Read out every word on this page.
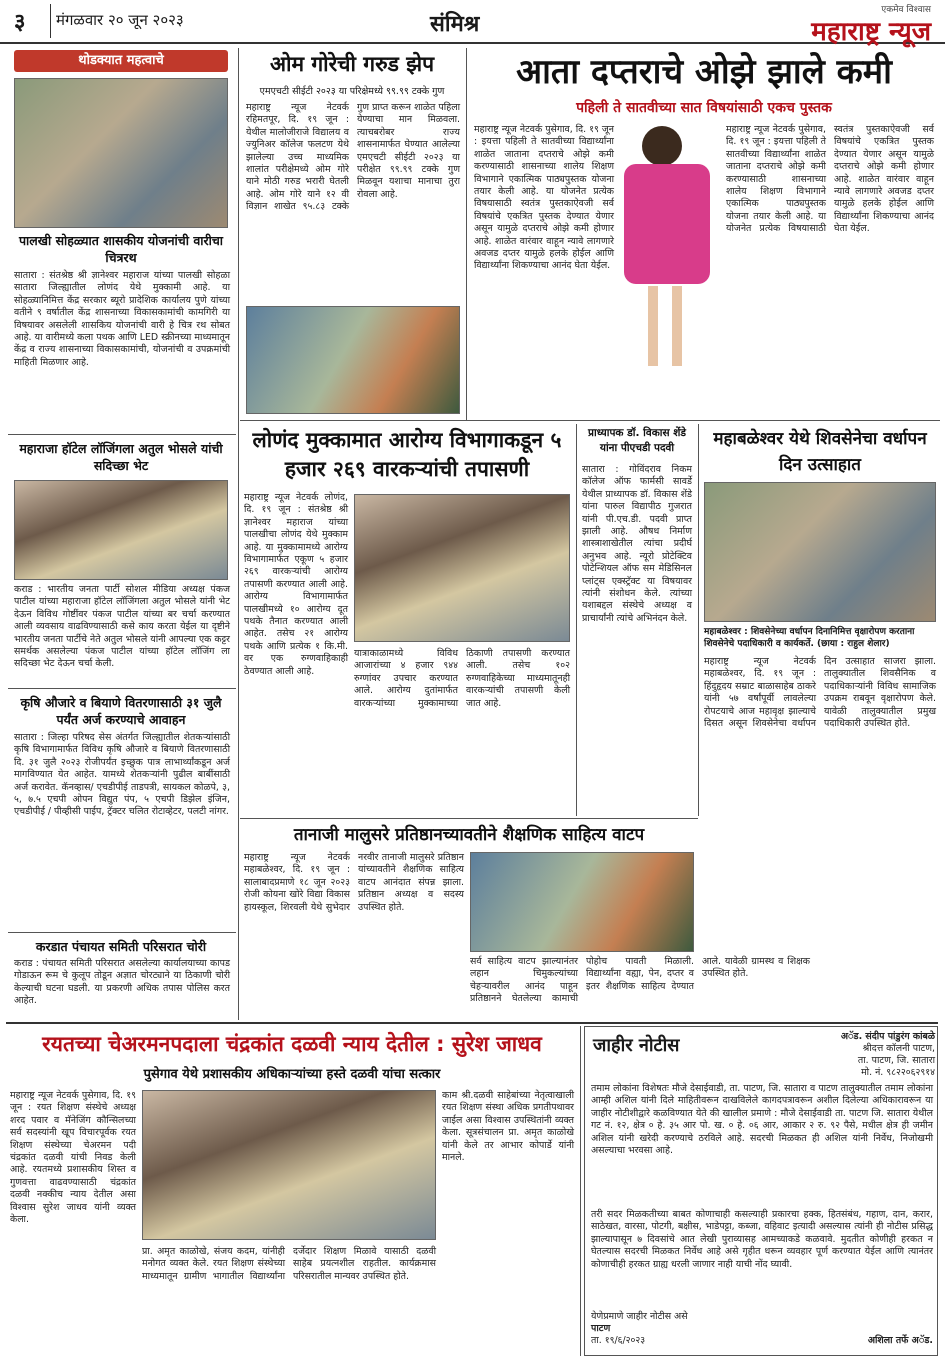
३ मंगळवार २० जून २०२३	संमिश्र
एकमेव विश्वास
महाराष्ट्र न्यूज
थोडक्यात महत्वाचे
पालखी सोहळ्यात शासकीय योजनांची वारीचा चित्ररथ
सातारा : संतश्रेष्ठ श्री ज्ञानेश्वर महाराज यांच्या पालखी सोहळा सातारा जिल्ह्यातील लोणंद येथे मुक्कामी आहे. या सोहळ्यानिमित्त केंद्र सरकार ब्यूरो प्रादेशिक कार्यालय पुणे यांच्या वतीने ९ वर्षातील केंद्र शासनाच्या विकासकामांची कामगिरी या विषयावर असलेली शासकिय योजनांची वारी हे चित्र रथ सोबत आहे. या वारीमध्ये कला पथक आणि LED स्क्रीनच्या माध्यमातून केंद्र व राज्य शासनाच्या विकासकामांची, योजनांची व उपक्रमांची माहिती मिळणार आहे.
महाराजा हॉटेल लॉजिंगला अतुल भोसले यांची सदिच्छा भेट
कराड : भारतीय जनता पार्टी सोशल मीडिया अध्यक्ष पंकज पाटील यांच्या महाराजा हॉटेल लॉजिंगला अतुल भोसले यांनी भेट देऊन विविध गोष्टींवर पंकज पाटील यांच्या बर चर्चा करण्यात आली व्यवसाय वाढविण्यासाठी कसे काय करता येईल या दृष्टीने भारतीय जनता पार्टीचे नेते अतुल भोसले यांनी आपल्या एक कट्टर समर्थक असलेल्या पंकज पाटील यांच्या हॉटेल लॉजिंग ला सदिच्छा भेट देऊन चर्चा केली.
कृषि औजारे व बियाणे वितरणासाठी ३१ जुलै पर्यंत अर्ज करण्याचे आवाहन
सातारा : जिल्हा परिषद सेस अंतर्गत जिल्ह्यातील शेतकऱ्यांसाठी कृषि विभागामार्फत विविध कृषि औजारे व बियाणे वितरणासाठी दि. ३१ जुलै २०२३ रोजीपर्यंत इच्छुक पात्र लाभार्थ्यांकडून अर्ज मागविण्यात येत आहेत. यामध्ये शेतकऱ्यांनी पुढील बाबींसाठी अर्ज करावेत. कॅनव्हास/ एचडीपीई ताडपत्री, सायकल कोळपे, ३, ५, ७.५ एचपी ओपन विद्युत पंप, ५ एचपी डिझेल इंजिन, एचडीपीई / पीव्हीसी पाईप, ट्रॅक्टर चलित रोटाव्हेटर, पलटी नांगर.
करडात पंचायत समिती परिसरात चोरी
कराड : पंचायत समिती परिसरात असलेल्या कार्यालयाच्या कापड गोडाऊन रूम चे कुलूप तोडून अज्ञात चोरट्याने या ठिकाणी चोरी केल्याची घटना घडली. या प्रकरणी अधिक तपास पोलिस करत आहेत.
ओम गोरेची गरुड झेप
एमएचटी सीईटी २०२३ या परिक्षेमध्ये ९९.९९ टक्के गुण
महाराष्ट्र न्यूज नेटवर्क रहिमतपूर, दि. १९ जून : येथील मालोजीराजे विद्यालय व ज्युनिअर कॉलेज फलटण येथे झालेल्या उच्च माध्यमिक शालांत परीक्षेमध्ये ओम गोरे याने मोठी गरुड भरारी घेतली आहे. ओम गोरे याने १२ वी विज्ञान शाखेत ९५.८३ टक्के गुण प्राप्त करून शाळेत पहिला येण्याचा मान मिळवला. त्याचबरोबर राज्य शासनामार्फत घेण्यात आलेल्या एमएचटी सीईटी २०२३ या परीक्षेत ९९.९९ टक्के गुण मिळवून यशाचा मानाचा तुरा रोवला आहे.
आता दप्तराचे ओझे झाले कमी
पहिली ते सातवीच्या सात विषयांसाठी एकच पुस्तक
महाराष्ट्र न्यूज नेटवर्क पुसेगाव, दि. १९ जून : इयत्ता पहिली ते सातवीच्या विद्यार्थ्यांना शाळेत जाताना दप्तराचे ओझे कमी करण्यासाठी शासनाच्या शालेय शिक्षण विभागाने एकात्मिक पाठ्यपुस्तक योजना तयार केली आहे. या योजनेत प्रत्येक विषयासाठी स्वतंत्र पुस्तकाऐवजी सर्व विषयांचे एकत्रित पुस्तक देण्यात येणार असून यामुळे दप्तराचे ओझे कमी होणार आहे. शाळेत वारंवार वाहून न्यावे लागणारे अवजड दप्तर यामुळे हलके होईल आणि विद्यार्थ्यांना शिकण्याचा आनंद घेता येईल.
महाराष्ट्र न्यूज नेटवर्क पुसेगाव, दि. १९ जून : इयत्ता पहिली ते सातवीच्या विद्यार्थ्यांना शाळेत जाताना दप्तराचे ओझे कमी करण्यासाठी शासनाच्या शालेय शिक्षण विभागाने एकात्मिक पाठ्यपुस्तक योजना तयार केली आहे. या योजनेत प्रत्येक विषयासाठी स्वतंत्र पुस्तकाऐवजी सर्व विषयांचे एकत्रित पुस्तक देण्यात येणार असून यामुळे दप्तराचे ओझे कमी होणार आहे. शाळेत वारंवार वाहून न्यावे लागणारे अवजड दप्तर यामुळे हलके होईल आणि विद्यार्थ्यांना शिकण्याचा आनंद घेता येईल.
लोणंद मुक्कामात आरोग्य विभागाकडून ५ हजार २६९ वारकऱ्यांची तपासणी
महाराष्ट्र न्यूज नेटवर्क लोणंद, दि. १९ जून : संतश्रेष्ठ श्री ज्ञानेश्वर महाराज यांच्या पालखीचा लोणंद येथे मुक्काम आहे. या मुक्कामामध्ये आरोग्य विभागामार्फत एकूण ५ हजार २६९ वारकऱ्यांची आरोग्य तपासणी करण्यात आली आहे. आरोग्य विभागामार्फत पालखीमध्ये १० आरोग्य दूत पथके तैनात करण्यात आली आहेत. तसेच २१ आरोग्य पथके आणि प्रत्येक १ कि.मी. वर एक रुग्णवाहिकाही ठेवण्यात आली आहे.
यात्राकाळामध्ये विविध आजारांच्या ४ हजार ९४४ रुग्णांवर उपचार करण्यात आले. आरोग्य दुतांमार्फत वारकऱ्यांच्या मुक्कामाच्या ठिकाणी तपासणी करण्यात आली. तसेच १०२ रुग्णवाहिकेच्या माध्यमातूनही वारकऱ्यांची तपासणी केली जात आहे.
प्राध्यापक डॉ. विकास शेंडे यांना पीएचडी पदवी
सातारा : गोविंदराव निकम कॉलेज ऑफ फार्मसी सावर्डे येथील प्राध्यापक डॉ. विकास शेंडे यांना पारुल विद्यापीठ गुजरात यांनी पी.एच.डी. पदवी प्राप्त झाली आहे. औषध निर्माण शास्त्राशाखेतील त्यांचा प्रदीर्घ अनुभव आहे. न्यूरो प्रोटेक्टिव पोटेन्शियल ऑफ सम मेडिसिनल प्लांट्स एक्स्ट्रॅक्ट या विषयावर त्यांनी संशोधन केले. त्यांच्या यशाबद्दल संस्थेचे अध्यक्ष व प्राचार्यांनी त्यांचे अभिनंदन केले.
महाबळेश्वर येथे शिवसेनेचा वर्धापन दिन उत्साहात
महाबळेश्वर : शिवसेनेच्या वर्धापन दिनानिमित्त वृक्षारोपण करताना शिवसेनेचे पदाधिकारी व कार्यकर्ते. (छाया : राहुल शेलार)
महाराष्ट्र न्यूज नेटवर्क महाबळेश्वर, दि. १९ जून : हिंदुहृदय सम्राट बाळासाहेब ठाकरे यांनी ५७ वर्षांपूर्वी लावलेल्या रोपटयाचे आज महावृक्ष झाल्याचे दिसत असून शिवसेनेचा वर्धापन दिन उत्साहात साजरा झाला. तालुक्यातील शिवसैनिक व पदाधिकाऱ्यांनी विविध सामाजिक उपक्रम राबवून वृक्षारोपण केले. यावेळी तालुक्यातील प्रमुख पदाधिकारी उपस्थित होते.
तानाजी मालुसरे प्रतिष्ठानच्यावतीने शैक्षणिक साहित्य वाटप
महाराष्ट्र न्यूज नेटवर्क महाबळेश्वर, दि. १९ जून : सालाबादप्रमाणे १८ जून २०२३ रोजी कोयना खोरे विद्या विकास हायस्कूल, शिरवली येथे सुभेदार नरवीर तानाजी मालुसरे प्रतिष्ठान यांच्यावतीने शैक्षणिक साहित्य वाटप आनंदात संपन्न झाला. प्रतिष्ठान अध्यक्ष व सदस्य उपस्थित होते.
सर्व साहित्य वाटप झाल्यानंतर लहान चिमुकल्यांच्या चेहऱ्यावरील आनंद पाहून प्रतिष्ठानने घेतलेल्या कामाची पोहोच पावती मिळाली. विद्यार्थ्यांना वह्या, पेन, दप्तर व इतर शैक्षणिक साहित्य देण्यात आले. यावेळी ग्रामस्थ व शिक्षक उपस्थित होते.
रयतच्या चेअरमनपदाला चंद्रकांत दळवी न्याय देतील : सुरेश जाधव
पुसेगाव येथे प्रशासकीय अधिकाऱ्यांच्या हस्ते दळवी यांचा सत्कार
महाराष्ट्र न्यूज नेटवर्क पुसेगाव, दि. १९ जून : रयत शिक्षण संस्थेचे अध्यक्ष शरद पवार व मॅनेजिंग कौन्सिलच्या सर्व सदस्यांनी खूप विचारपूर्वक रयत शिक्षण संस्थेच्या चेअरमन पदी चंद्रकांत दळवी यांची निवड केली आहे. रयतमध्ये प्रशासकीय शिस्त व गुणवत्ता वाढवण्यासाठी चंद्रकांत दळवी नक्कीच न्याय देतील असा विश्वास सुरेश जाधव यांनी व्यक्त केला.
प्रा. अमृत काळोखे, संजय कदम, यांनीही मनोगत व्यक्त केले. रयत शिक्षण संस्थेच्या माध्यमातून ग्रामीण भागातील विद्यार्थ्यांना दर्जेदार शिक्षण मिळावे यासाठी दळवी साहेब प्रयत्नशील राहतील. कार्यक्रमास परिसरातील मान्यवर उपस्थित होते.
काम श्री.दळवी साहेबांच्या नेतृत्वाखाली रयत शिक्षण संस्था अधिक प्रगतीपथावर जाईल असा विश्वास उपस्थितांनी व्यक्त केला. सूत्रसंचालन प्रा. अमृत काळोखे यांनी केले तर आभार कोपार्डे यांनी मानले.
जाहीर नोटीस	अॅड. संदीप पांडुरंग कांबळे
श्रीदत्त कॉलनी पाटण,
ता. पाटण, जि. सातारा
मो. नं. ९८२२०६२९१४
तमाम लोकांना विशेषतः मौजे देसाईवाडी, ता. पाटण, जि. सातारा व पाटण तालुक्यातील तमाम लोकांना आम्ही अशिल यांनी दिले माहितीवरून दाखविलेले कागदपत्रावरून अशील दिलेल्या अधिकारावरून या जाहीर नोटीशीद्वारे कळविण्यात येते की खालील प्रमाणे : मौजे देसाईवाडी ता. पाटण जि. सातारा येथील गट नं. १२, क्षेत्र ० हे. ३५ आर पो. ख. ० हे. ०६ आर, आकार २ रु. ९२ पैसे, मधील क्षेत्र ही जमीन अशिल यांनी खरेदी करण्याचे ठरविले आहे. सदरची मिळकत ही अशिल यांनी निर्वेध, निजोखमी असल्याचा भरवसा आहे.
तरी सदर मिळकतीच्या बाबत कोणाचाही कसल्याही प्रकारचा हक्क, हितसंबंध, गहाण, दान, करार, साठेखत, वारसा, पोटगी, बक्षीस, भाडेपट्टा, कब्जा, वहिवाट इत्यादी असल्यास त्यांनी ही नोटीस प्रसिद्ध झाल्यापासून ७ दिवसांचे आत लेखी पुराव्यासह आमच्याकडे कळवावे. मुदतीत कोणीही हरकत न घेतल्यास सदरची मिळकत निर्वेध आहे असे गृहीत धरून व्यवहार पूर्ण करण्यात येईल आणि त्यानंतर कोणाचीही हरकत ग्राह्य धरली जाणार नाही याची नोंद घ्यावी.
येणेप्रमाणे जाहीर नोटीस असे
पाटण
ता. १९/६/२०२३	अशिला तर्फे अॅड.
